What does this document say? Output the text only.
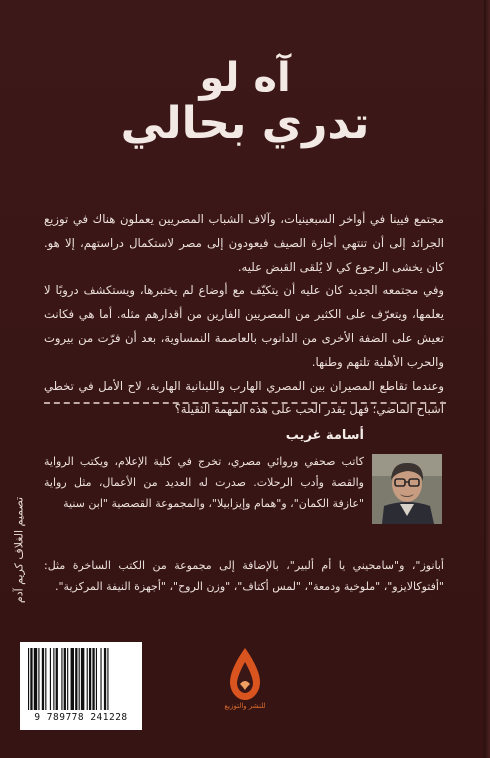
آه لو
تدري بحالي

مجتمع فيينا في أواخر السبعينيات، وآلاف الشباب المصريين يعملون هناك في توزيع الجرائد إلى أن تنتهي أجازة الصيف فيعودون إلى مصر لاستكمال دراستهم، إلا هو. كان يخشى الرجوع كي لا يُلقى القبض عليه.

وفي مجتمعه الجديد كان عليه أن يتكيّف مع أوضاع لم يختبرها، ويستكشف دروبًا لا يعلمها، ويتعرّف على الكثير من المصريين الفارين من أقدارهم مثله. أما هي فكانت تعيش على الضفة الأخرى من الدانوب بالعاصمة النمساوية، بعد أن فرّت من بيروت والحرب الأهلية تلتهم وطنها.

وعندما تقاطع المصيران بين المصري الهارب واللبنانية الهاربة، لاح الأمل في تخطي أشباح الماضي؛ فهل يقدر الحب على هذه المهمة الثقيلة؟

أسامة غريب
كاتب صحفي وروائي مصري، تخرج في كلية الإعلام، ويكتب الرواية والقصة وأدب الرحلات. صدرت له العديد من الأعمال، مثل رواية "عازفة الكمان"، و"همام وإيزابيلا"، والمجموعة القصصية "ابن سنية
أبانوز"، و"سامحيني يا أم ألبير"، بالإضافة إلى مجموعة من الكتب الساخرة مثل: "أفتوكالايزو"، "ملوخية ودمعة"، "لمس أكتاف"، "وزن الروح"، "أجهزة النيفة المركزية".
تصميم الغلاف كريم آدم
9 789778 241228
للنشر والتوزيع
